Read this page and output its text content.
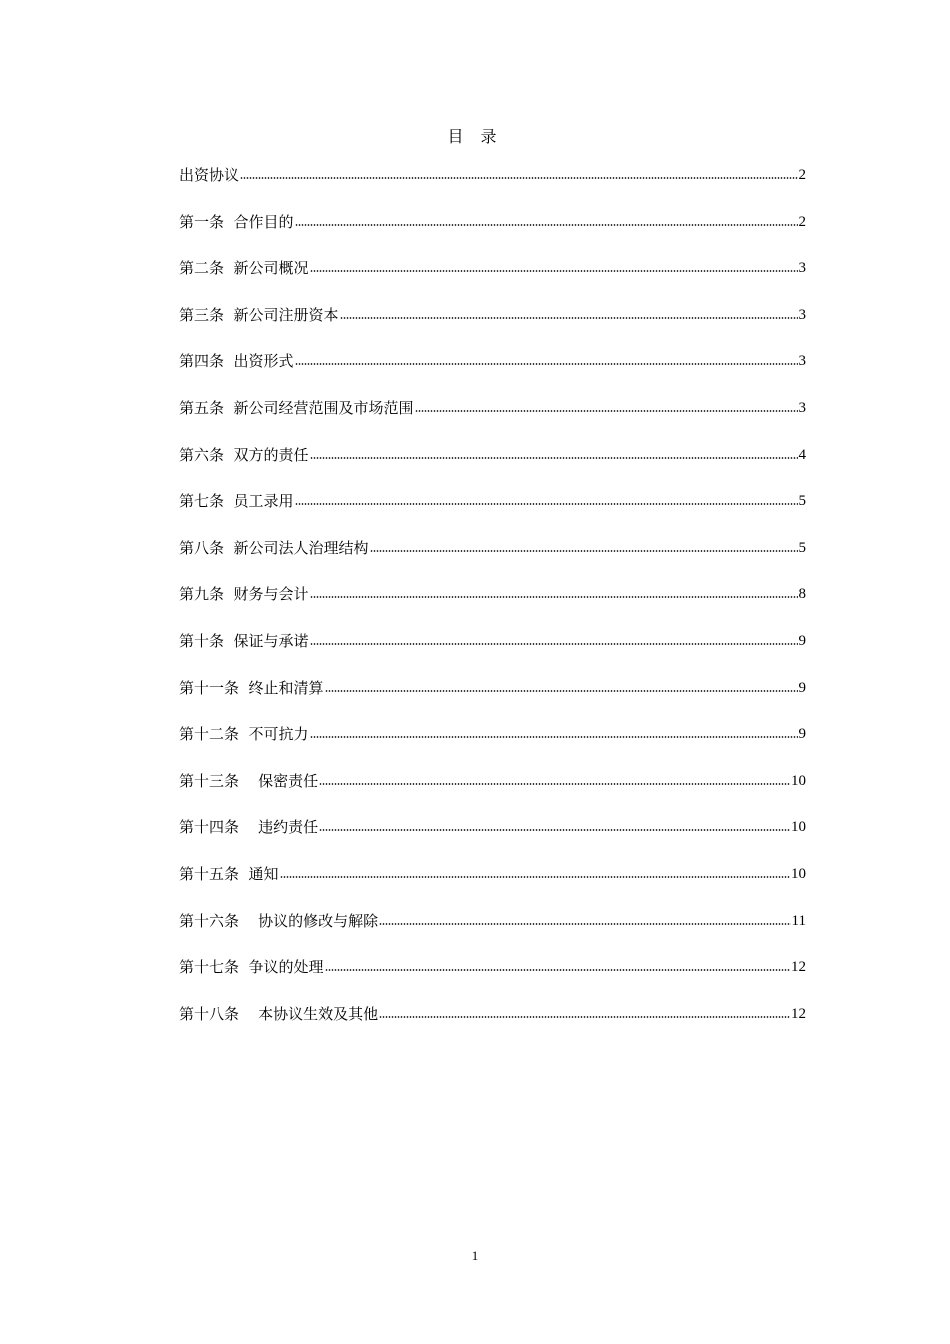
目 录
出资协议	2
第一条  合作目的	2
第二条  新公司概况	3
第三条  新公司注册资本	3
第四条  出资形式	3
第五条  新公司经营范围及市场范围	3
第六条  双方的责任	4
第七条  员工录用	5
第八条  新公司法人治理结构	5
第九条  财务与会计	8
第十条  保证与承诺	9
第十一条  终止和清算	9
第十二条  不可抗力	9
第十三条    保密责任	10
第十四条    违约责任	10
第十五条  通知	10
第十六条    协议的修改与解除	11
第十七条  争议的处理	12
第十八条    本协议生效及其他	12
1
